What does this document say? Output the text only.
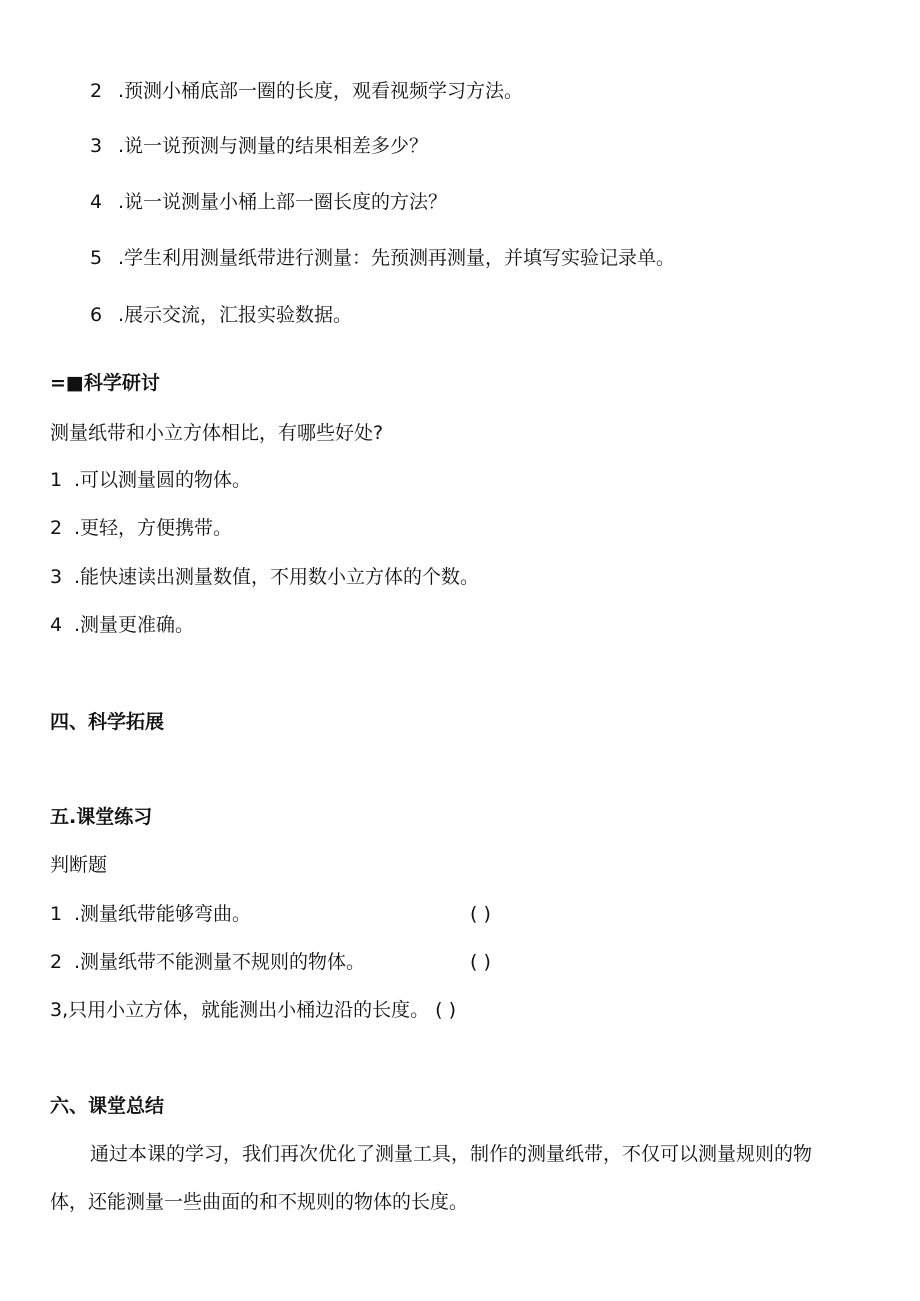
2 .预测小桶底部一圈的长度，观看视频学习方法。
3 .说一说预测与测量的结果相差多少？
4 .说一说测量小桶上部一圈长度的方法？
5 .学生利用测量纸带进行测量：先预测再测量，并填写实验记录单。
6 .展示交流，汇报实验数据。
=■科学研讨
测量纸带和小立方体相比，有哪些好处?
1 .可以测量圆的物体。
2 .更轻，方便携带。
3 .能快速读出测量数值，不用数小立方体的个数。
4 .测量更准确。
四、科学拓展
五.课堂练习
判断题
1 .测量纸带能够弯曲。	( )
2 .测量纸带不能测量不规则的物体。	( )
3,只用小立方体，就能测出小桶边沿的长度。 ( )
六、课堂总结
通过本课的学习，我们再次优化了测量工具，制作的测量纸带，不仅可以测量规则的物
体，还能测量一些曲面的和不规则的物体的长度。
